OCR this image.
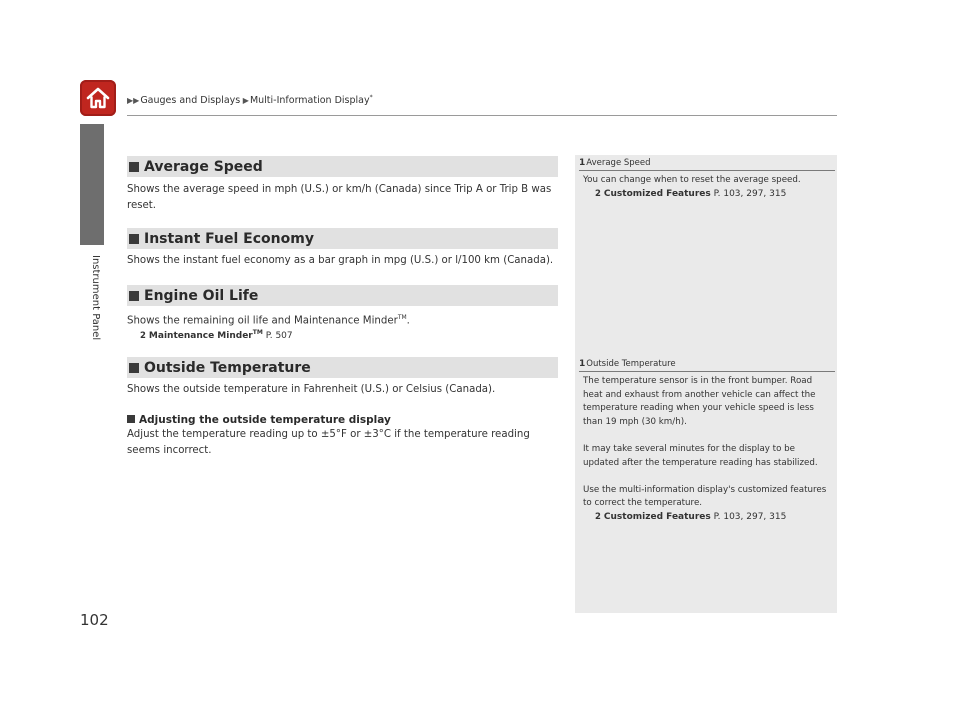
▶▶Gauges and Displays ▶Multi-Information Display*
Instrument Panel
102
Average Speed
Shows the average speed in mph (U.S.) or km/h (Canada) since Trip A or Trip B was reset.
Instant Fuel Economy
Shows the instant fuel economy as a bar graph in mpg (U.S.) or l/100 km (Canada).
Engine Oil Life
Shows the remaining oil life and Maintenance Minder™.
2 Maintenance Minder™ P. 507
Outside Temperature
Shows the outside temperature in Fahrenheit (U.S.) or Celsius (Canada).
Adjusting the outside temperature display
Adjust the temperature reading up to ±5°F or ±3°C if the temperature reading seems incorrect.
1Average Speed

You can change when to reset the average speed.

2 Customized Features P. 103, 297, 315

1Outside Temperature

The temperature sensor is in the front bumper. Road heat and exhaust from another vehicle can affect the temperature reading when your vehicle speed is less than 19 mph (30 km/h).

It may take several minutes for the display to be updated after the temperature reading has stabilized.

Use the multi-information display's customized features to correct the temperature.

2 Customized Features P. 103, 297, 315
